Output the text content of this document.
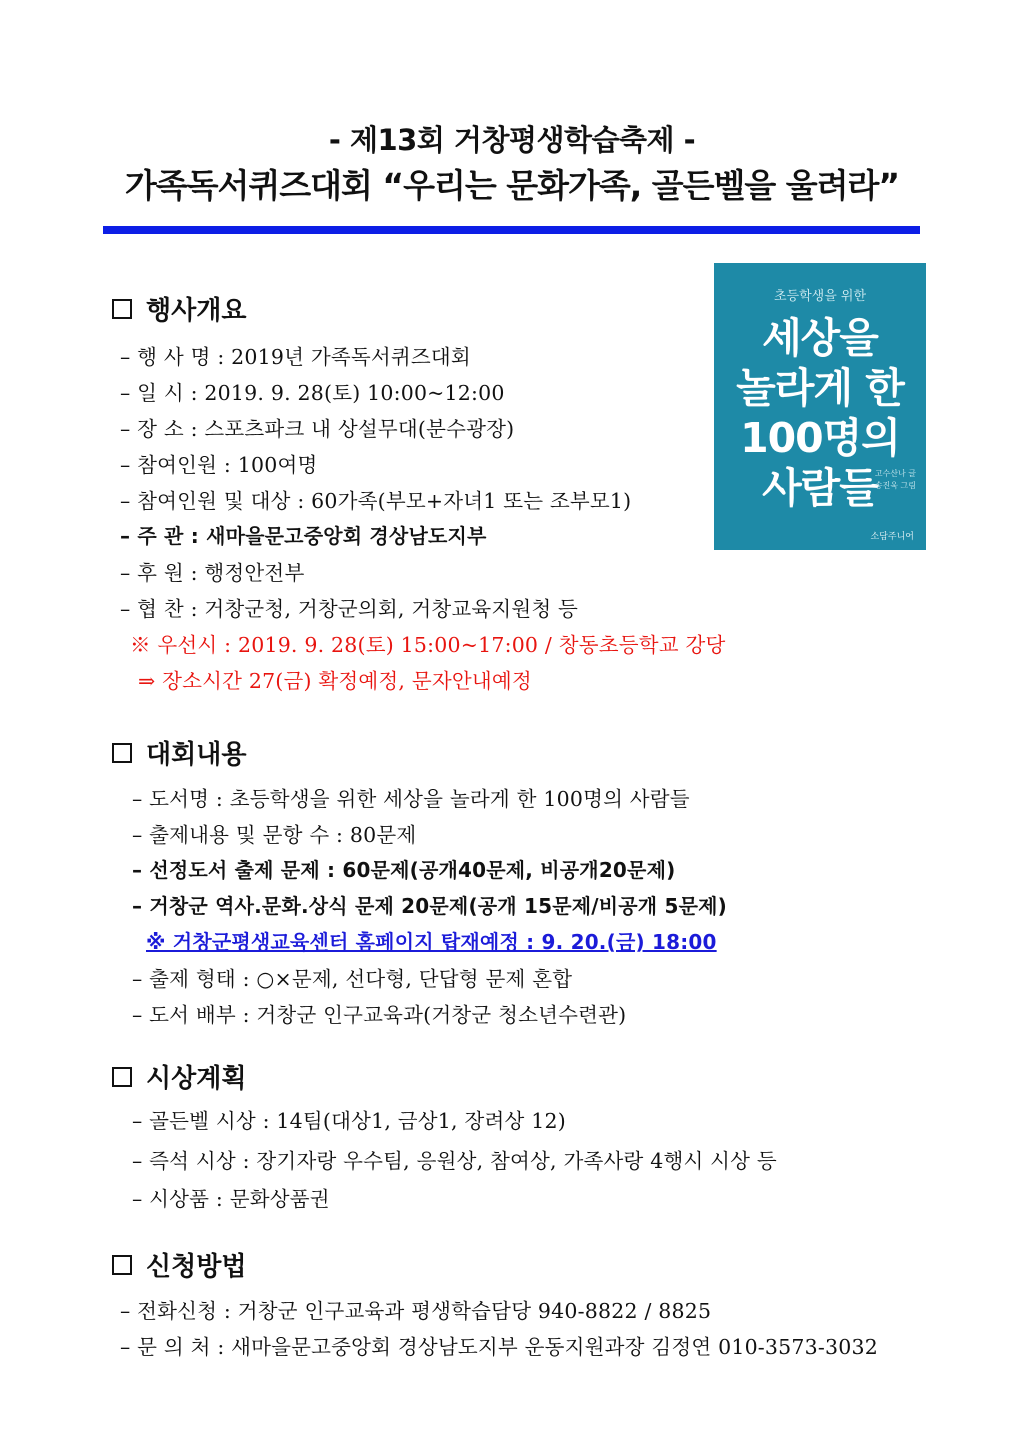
- 제13회 거창평생학습축제 -
가족독서퀴즈대회 “우리는 문화가족, 골든벨을 울려라”
초등학생을 위한
세상을
놀라게 한
100명의
사람들
고수산나 글
송진욱 그림
소담주니어
행사개요
– 행 사 명 : 2019년 가족독서퀴즈대회
– 일 시 : 2019. 9. 28(토) 10:00~12:00
– 장 소 : 스포츠파크 내 상설무대(분수광장)
– 참여인원 : 100여명
– 참여인원 및 대상 : 60가족(부모+자녀1 또는 조부모1)
– 주 관 : 새마을문고중앙회 경상남도지부
– 후 원 : 행정안전부
– 협 찬 : 거창군청, 거창군의회, 거창교육지원청 등
※ 우선시 : 2019. 9. 28(토) 15:00~17:00 / 창동초등학교 강당
⇒ 장소시간 27(금) 확정예정, 문자안내예정
대회내용
– 도서명 : 초등학생을 위한 세상을 놀라게 한 100명의 사람들
– 출제내용 및 문항 수 : 80문제
– 선정도서 출제 문제 : 60문제(공개40문제, 비공개20문제)
– 거창군 역사.문화.상식 문제 20문제(공개 15문제/비공개 5문제)
※ 거창군평생교육센터 홈페이지 탑재예정 : 9. 20.(금) 18:00
– 출제 형태 : ○×문제, 선다형, 단답형 문제 혼합
– 도서 배부 : 거창군 인구교육과(거창군 청소년수련관)
시상계획
– 골든벨 시상 : 14팀(대상1, 금상1, 장려상 12)
– 즉석 시상 : 장기자랑 우수팀, 응원상, 참여상, 가족사랑 4행시 시상 등
– 시상품 : 문화상품권
신청방법
– 전화신청 : 거창군 인구교육과 평생학습담당 940-8822 / 8825
– 문 의 처 : 새마을문고중앙회 경상남도지부 운동지원과장 김정연 010-3573-3032
